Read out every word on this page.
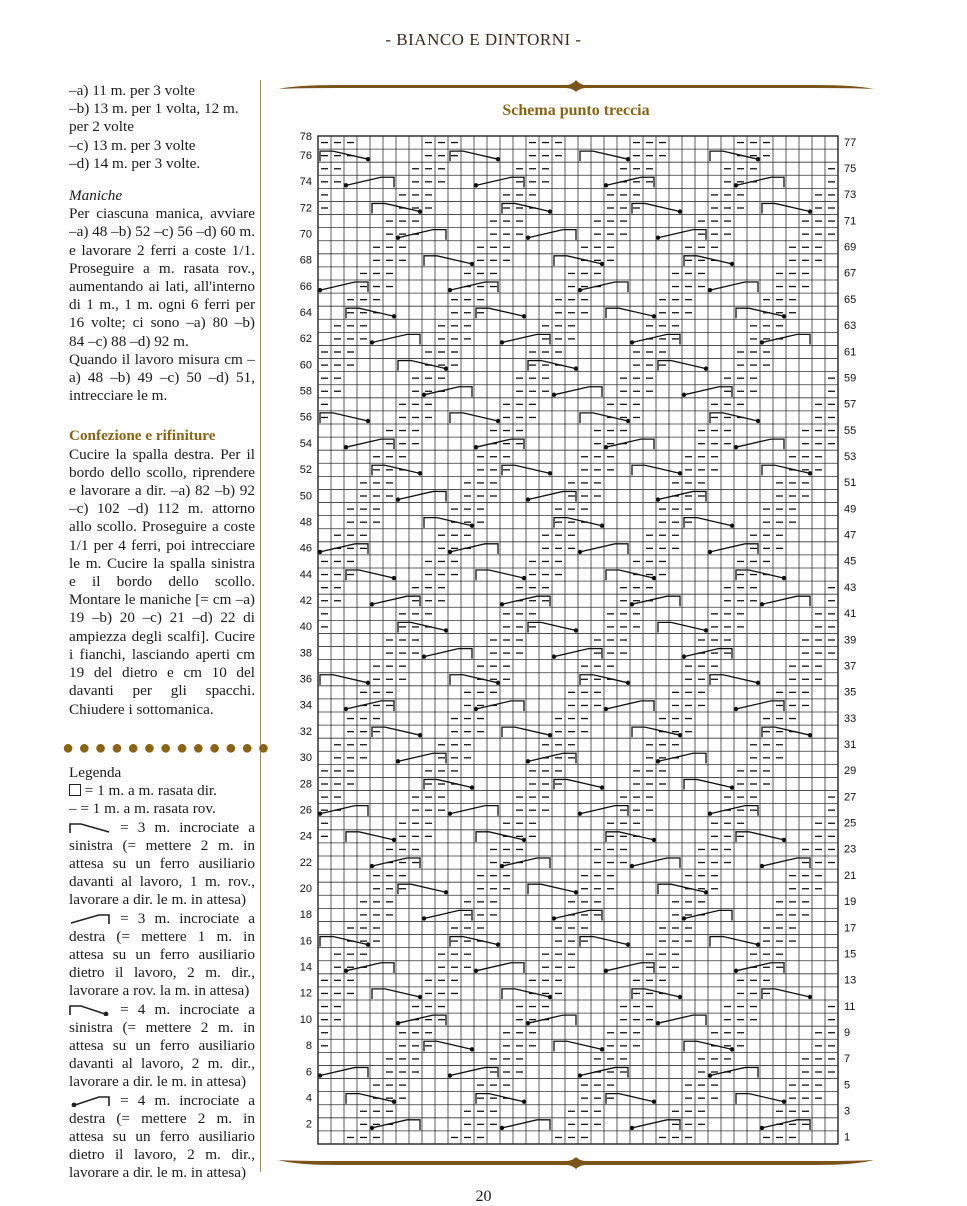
- BIANCO E DINTORNI -

–a) 11 m. per 3 volte

–b) 13 m. per 1 volta, 12 m.

per 2 volte

–c) 13 m. per 3 volte

–d) 14 m. per 3 volte.

Maniche

Per ciascuna manica, avviare –a) 48 –b) 52 –c) 56 –d) 60 m. e lavorare 2 ferri a coste 1/1. Proseguire a m. rasata rov., aumentando ai lati, all'interno di 1 m., 1 m. ogni 6 ferri per 16 volte; ci sono –a) 80 –b) 84 –c) 88 –d) 92 m.

Quando il lavoro misura cm –a) 48 –b) 49 –c) 50 –d) 51, intrecciare le m.

Confezione e rifiniture

Cucire la spalla destra. Per il bordo dello scollo, riprendere e lavorare a dir. –a) 82 –b) 92 –c) 102 –d) 112 m. attorno allo scollo. Proseguire a coste 1/1 per 4 ferri, poi intrecciare le m. Cucire la spalla sinistra e il bordo dello scollo. Montare le maniche [= cm –a) 19 –b) 20 –c) 21 –d) 22 di ampiezza degli scalfi]. Cucire i fianchi, lasciando aperti cm 19 del dietro e cm 10 del davanti per gli spacchi. Chiudere i sottomanica.

●●●●●●●●●●●●●

Legenda

= 1 m. a m. rasata dir.

– = 1 m. a m. rasata rov.

= 3 m. incrociate a sinistra (= mettere 2 m. in attesa su un ferro ausiliario davanti al lavoro, 1 m. rov., lavorare a dir. le m. in attesa)

= 3 m. incrociate a destra (= mettere 1 m. in attesa su un ferro ausiliario dietro il lavoro, 2 m. dir., lavorare a rov. la m. in attesa)

= 4 m. incrociate a sinistra (= mettere 2 m. in attesa su un ferro ausiliario davanti al lavoro, 2 m. dir., lavorare a dir. le m. in attesa)

= 4 m. incrociate a destra (= mettere 2 m. in attesa su un ferro ausiliario dietro il lavoro, 2 m. dir., lavorare a dir. le m. in attesa)

Schema punto treccia
76
74
72
70
68
66
64
62
60
58
56
54
52
50
48
46
44
42
40
38
36
34
32
30
28
26
24
22
20
18
16
14
12
10
8
6
4
2
77
75
73
71
69
67
65
63
61
59
57
55
53
51
49
47
45
43
41
39
37
35
33
31
29
27
25
23
21
19
17
15
13
11
9
7
5
3
1
78
20
